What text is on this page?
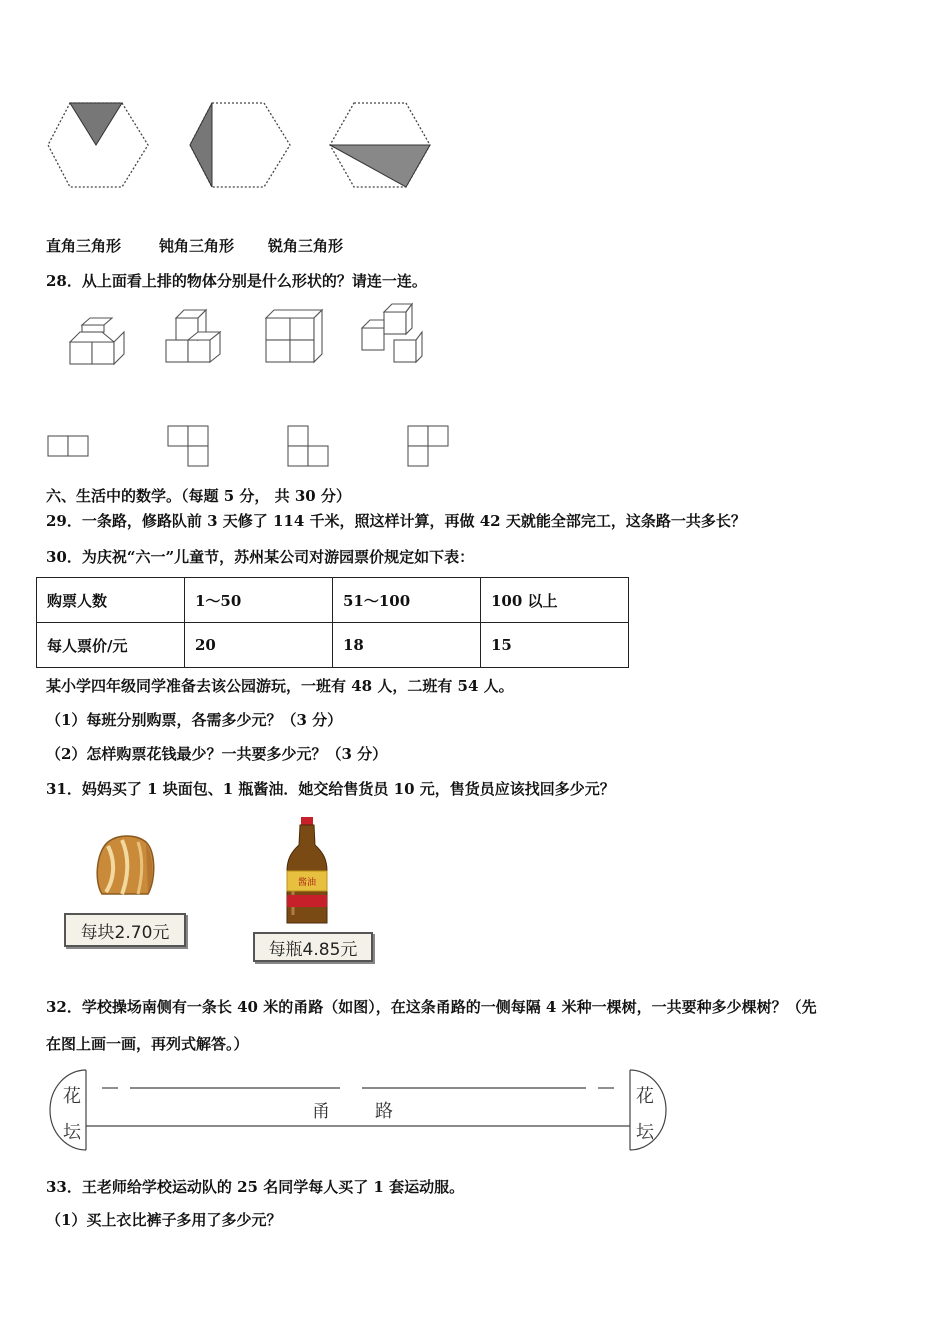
直角三角形	钝角三角形 锐角三角形
28．从上面看上排的物体分别是什么形状的？请连一连。
六、生活中的数学。（每题 5 分， 共 30 分）
29．一条路，修路队前 3 天修了 114 千米，照这样计算，再做 42 天就能全部完工，这条路一共多长？
30．为庆祝“六一”儿童节，苏州某公司对游园票价规定如下表：
购票人数	1～50	51～100	100 以上
每人票价/元	20	18	15
某小学四年级同学准备去该公园游玩，一班有 48 人，二班有 54 人。
（1）每班分别购票，各需多少元？（3 分）
（2）怎样购票花钱最少？一共要多少元？（3 分）
31．妈妈买了 1 块面包、1 瓶酱油．她交给售货员 10 元，售货员应该找回多少元？
每块2.70元
酱油
每瓶4.85元
32．学校操场南侧有一条长 40 米的甬路（如图），在这条甬路的一侧每隔 4 米种一棵树，一共要种多少棵树？（先
在图上画一画，再列式解答。）
花
坛
花
坛
甬	路
33．王老师给学校运动队的 25 名同学每人买了 1 套运动服。
（1）买上衣比裤子多用了多少元？
